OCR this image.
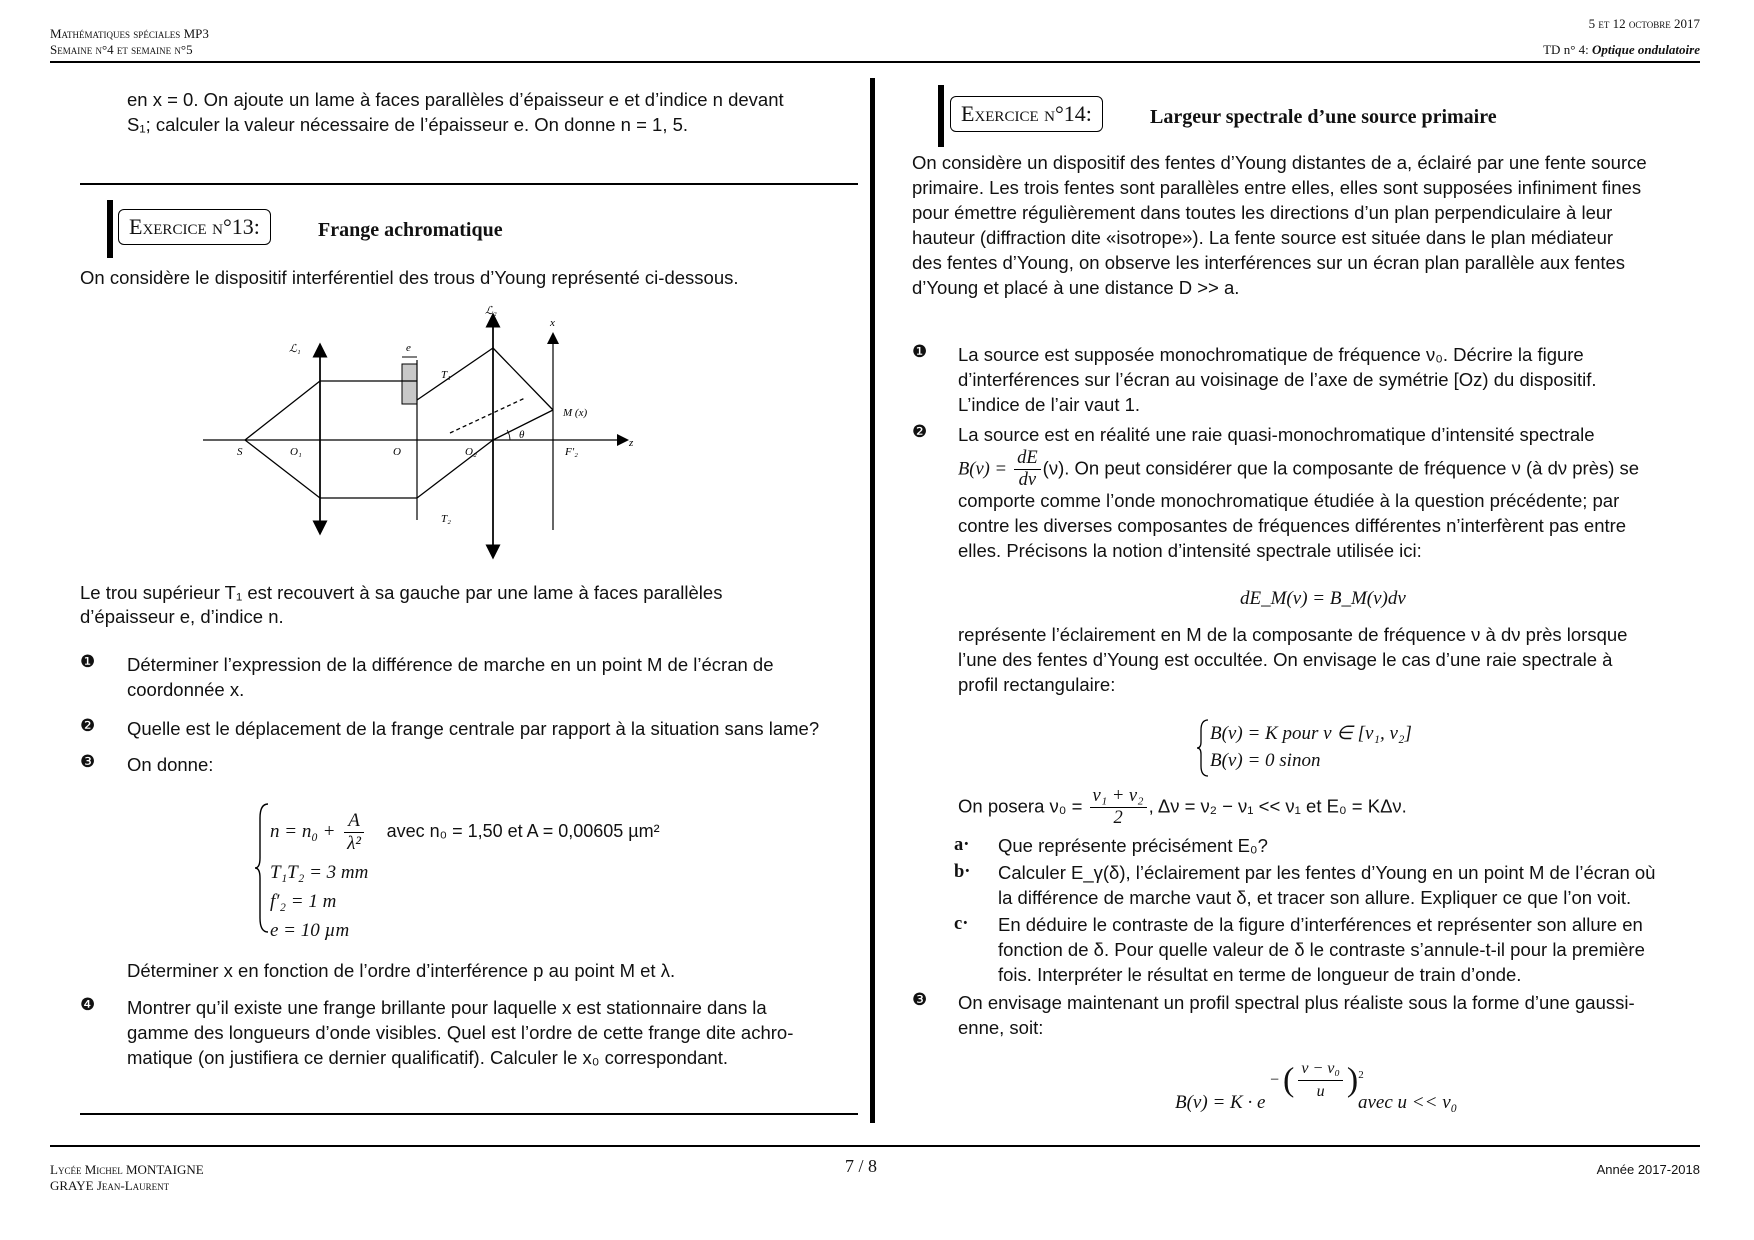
Mathématiques spéciales MP3
Semaine n°4 et semaine n°5
5 et 12 octobre 2017
TD n° 4: Optique ondulatoire
en x = 0. On ajoute un lame à faces parallèles d’épaisseur e et d’indice n devant
S₁; calculer la valeur nécessaire de l’épaisseur e. On donne n = 1, 5.
Exercice n°13:	Frange achromatique
On considère le dispositif interférentiel des trous d’Young représenté ci-dessous.
ℒ₁
ℒ₂
x
e
T₁
T₂
M (x)
θ
S	O₁	O	O₂	F′₂
z
Le trou supérieur T₁ est recouvert à sa gauche par une lame à faces parallèles
d’épaisseur e, d’indice n.
❶ Déterminer l’expression de la différence de marche en un point M de l’écran de
coordonnée x.
❷ Quelle est le déplacement de la frange centrale par rapport à la situation sans lame?
❸ On donne:
$n = n_0 + \frac{A}{\text{λ²}}$ avec n₀ = 1,50 et A = 0,00605 µm²
T₁T₂ = 3 mm
f′₂ = 1 m
e = 10 µm
Déterminer x en fonction de l’ordre d’interférence p au point M et λ.
❹ Montrer qu’il existe une frange brillante pour laquelle x est stationnaire dans la
gamme des longueurs d’onde visibles. Quel est l’ordre de cette frange dite achro-
matique (on justifiera ce dernier qualificatif). Calculer le x₀ correspondant.
Exercice n°14:	Largeur spectrale d’une source primaire
On considère un dispositif des fentes d’Young distantes de a, éclairé par une fente source
primaire. Les trois fentes sont parallèles entre elles, elles sont supposées infiniment fines
pour émettre régulièrement dans toutes les directions d’un plan perpendiculaire à leur
hauteur (diffraction dite «isotrope»). La fente source est située dans le plan médiateur
des fentes d’Young, on observe les interférences sur un écran plan parallèle aux fentes
d’Young et placé à une distance D >> a.
❶ La source est supposée monochromatique de fréquence ν₀. Décrire la figure
d’interférences sur l’écran au voisinage de l’axe de symétrie [Oz) du dispositif.
L’indice de l’air vaut 1.
❷ La source est en réalité une raie quasi-monochromatique d’intensité spectrale
$B(\nu) = \frac{dE}{d\nu} (\nu)$. On peut considérer que la composante de fréquence ν (à dν près) se
comporte comme l’onde monochromatique étudiée à la question précédente; par
contre les diverses composantes de fréquences différentes n’interfèrent pas entre
elles. Précisons la notion d’intensité spectrale utilisée ici:
dE_M(ν) = B_M(ν)dν
représente l’éclairement en M de la composante de fréquence ν à dν près lorsque
l’une des fentes d’Young est occultée. On envisage le cas d’une raie spectrale à
profil rectangulaire:
B(ν) = K pour ν ∈ [ν₁, ν₂]
B(ν) = 0 sinon
On posera $\nu_0 = \frac{\text{ν₁ + ν₂}}{2}$ , Δν = ν₂ − ν₁ << ν₁ et E₀ = KΔν.
a· Que représente précisément E₀?
b· Calculer E_γ(δ), l’éclairement par les fentes d’Young en un point M de l’écran où
la différence de marche vaut δ, et tracer son allure. Expliquer ce que l’on voit.
c· En déduire le contraste de la figure d’interférences et représenter son allure en
fonction de δ. Pour quelle valeur de δ le contraste s’annule-t-il pour la première
fois. Interpréter le résultat en terme de longueur de train d’onde.
❸ On envisage maintenant un profil spectral plus réaliste sous la forme d’une gaussi-
enne, soit:
B(ν) = K · e
− ( $\frac{\text{ν − ν₀}}{u} )^2$
avec u << ν₀
Lycée Michel MONTAIGNE
GRAYE Jean-Laurent
7 / 8	Année 2017-2018
